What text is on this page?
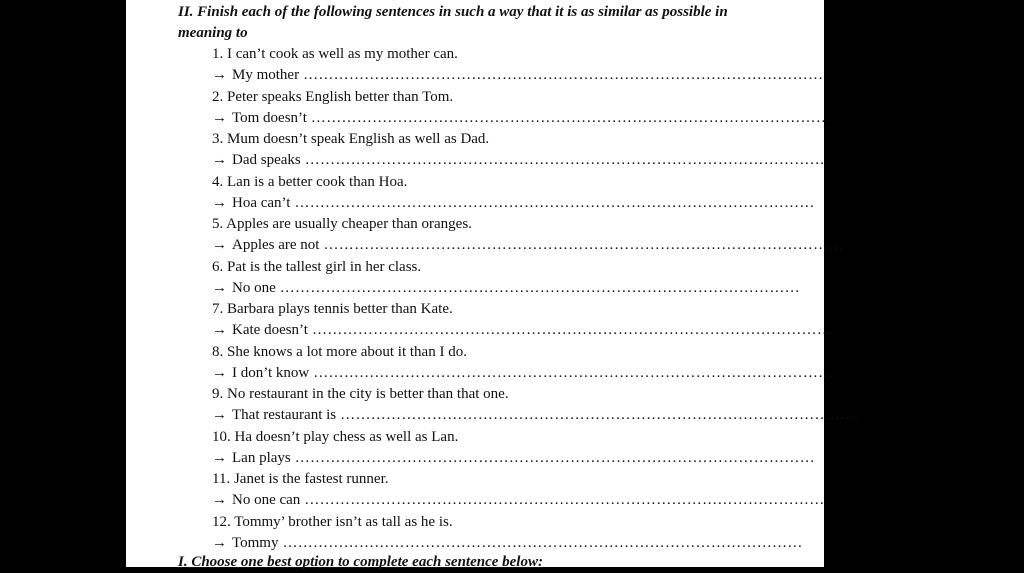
II. Finish each of the following sentences in such a way that it is as similar as possible in
meaning to
1. I can’t cook as well as my mother can.
→ My mother …………………………………………………………………………………………
2. Peter speaks English better than Tom.
→ Tom doesn’t …………………………………………………………………………………………
3. Mum doesn’t speak English as well as Dad.
→ Dad speaks …………………………………………………………………………………………
4. Lan is a better cook than Hoa.
→ Hoa can’t …………………………………………………………………………………………
5. Apples are usually cheaper than oranges.
→ Apples are not …………………………………………………………………………………………
6. Pat is the tallest girl in her class.
→ No one …………………………………………………………………………………………
7. Barbara plays tennis better than Kate.
→ Kate doesn’t …………………………………………………………………………………………
8. She knows a lot more about it than I do.
→ I don’t know …………………………………………………………………………………………
9. No restaurant in the city is better than that one.
→ That restaurant is …………………………………………………………………………………………
10. Ha doesn’t play chess as well as Lan.
→ Lan plays …………………………………………………………………………………………
11. Janet is the fastest runner.
→ No one can …………………………………………………………………………………………
12. Tommy’ brother isn’t as tall as he is.
→ Tommy …………………………………………………………………………………………
I. Choose one best option to complete each sentence below:
